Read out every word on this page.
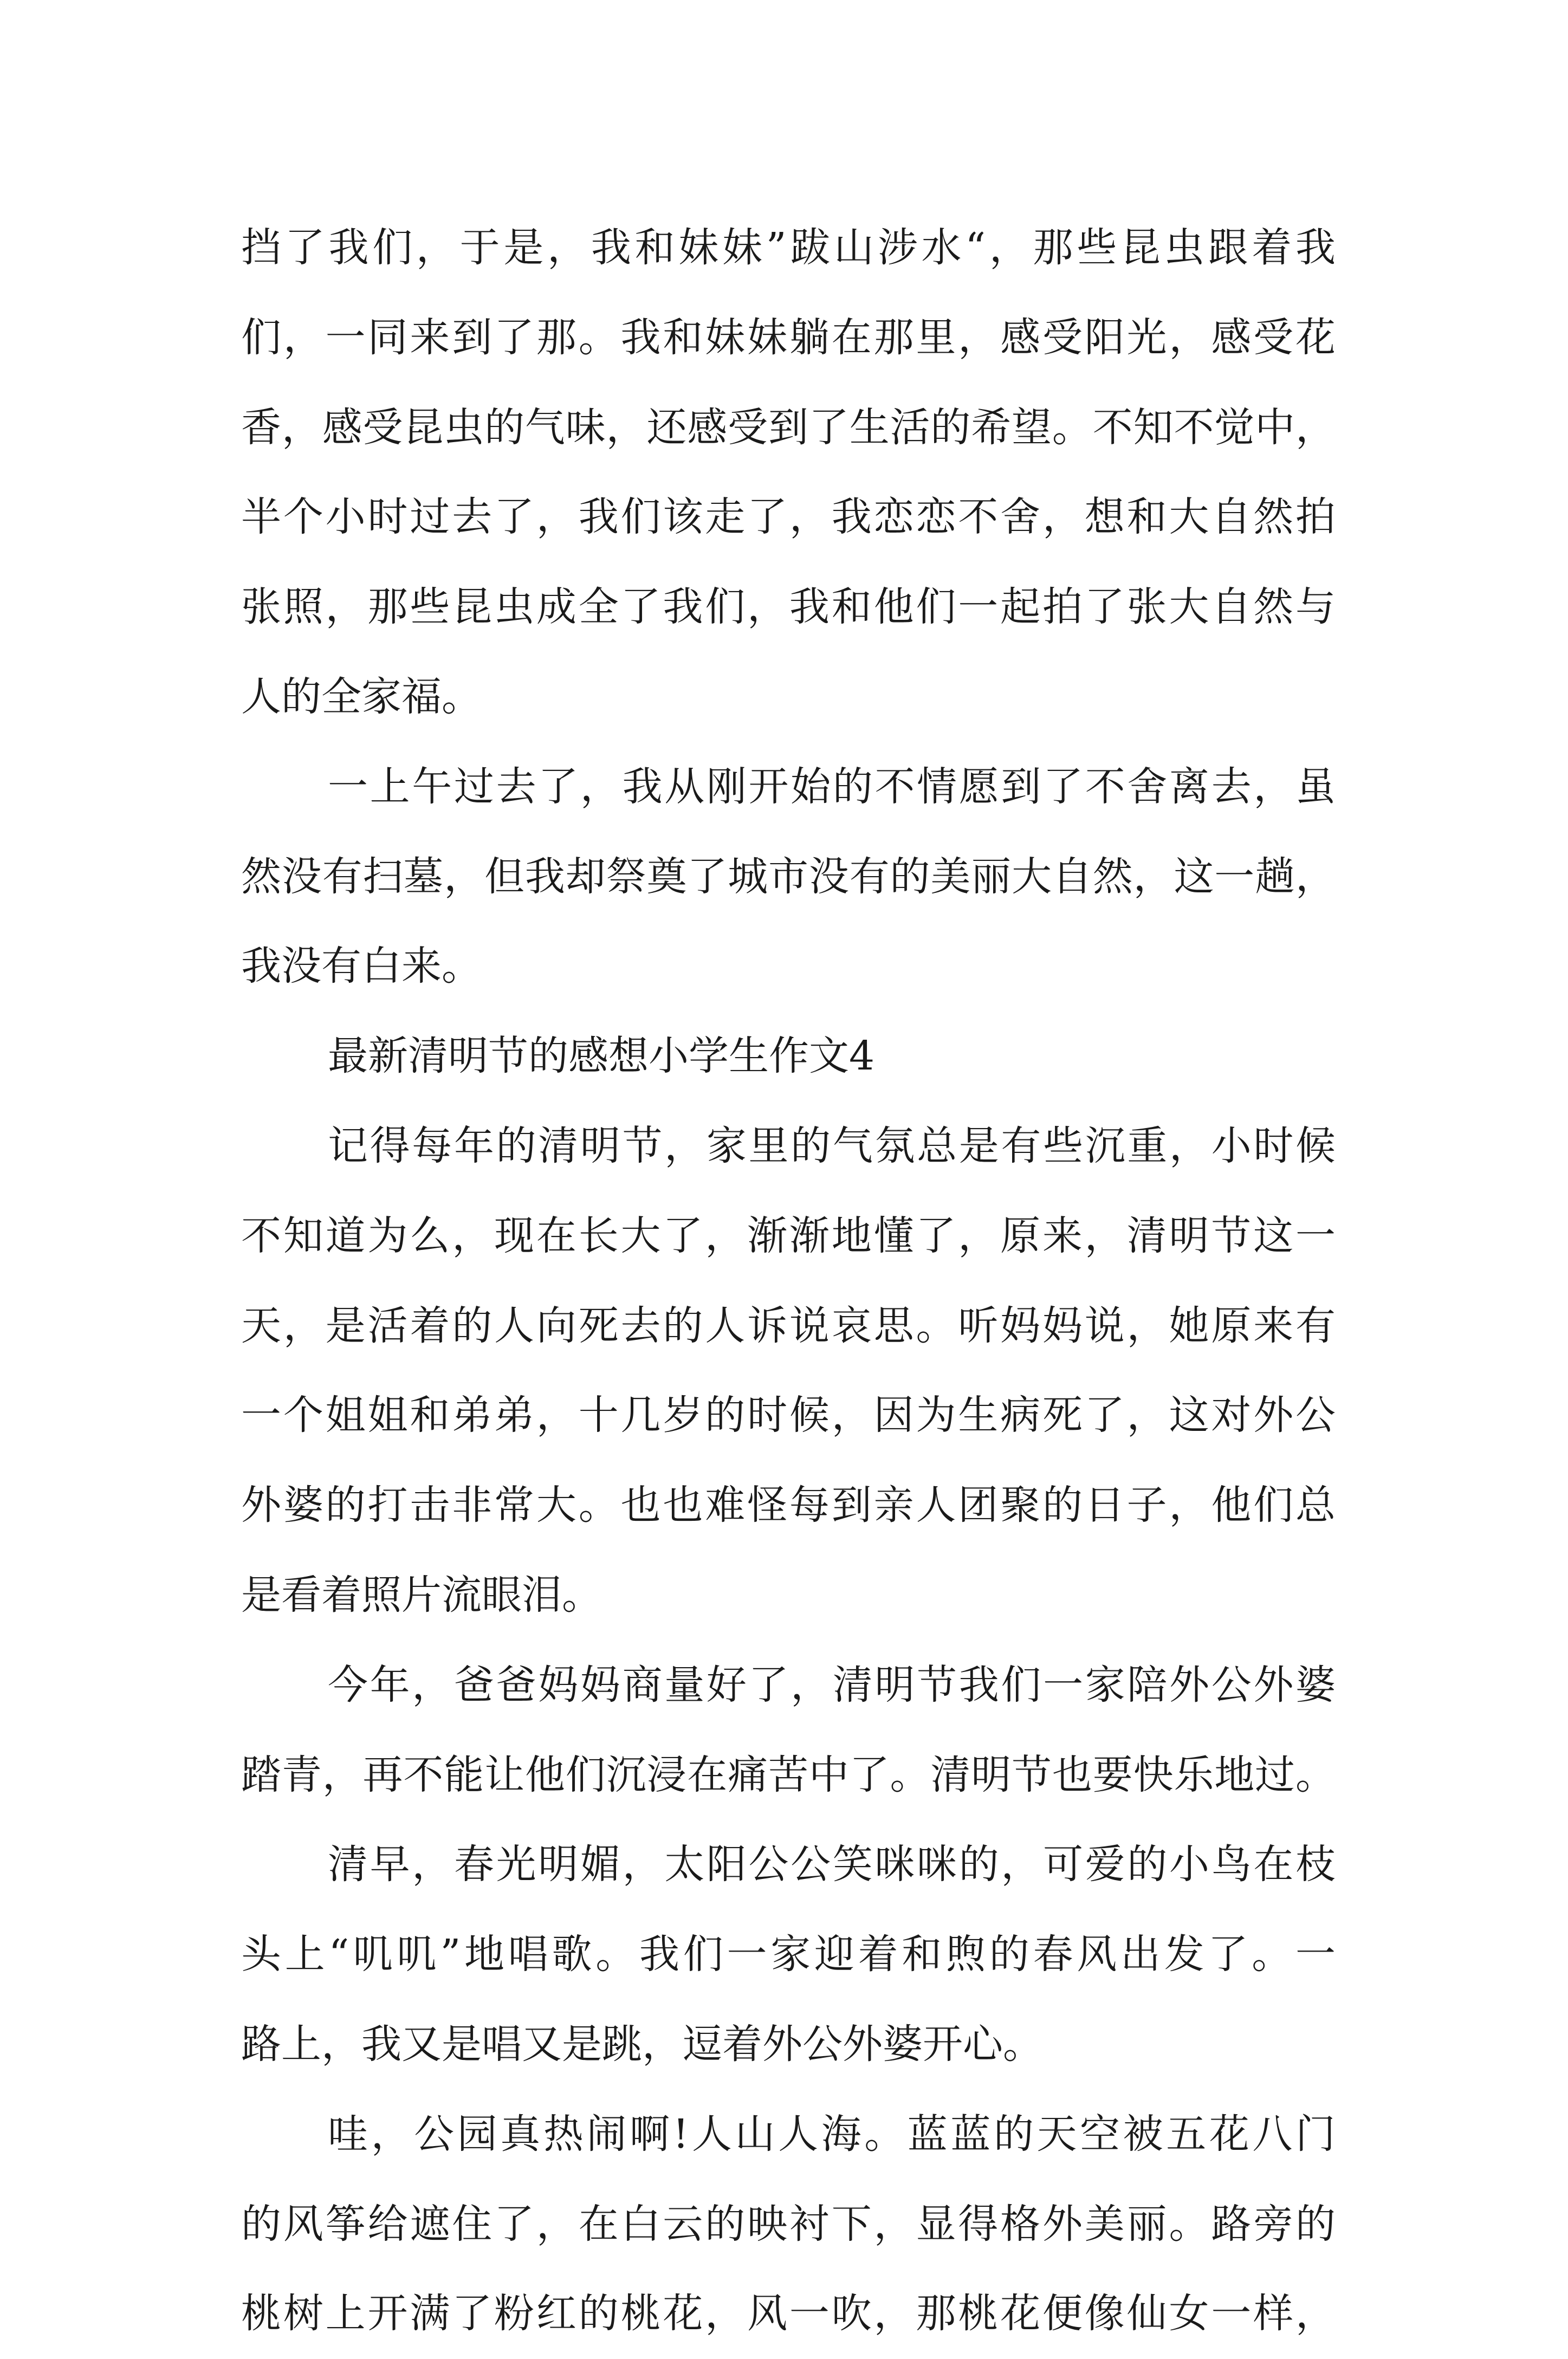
挡了我们，于是，我和妹妹”跋山涉水“，那些昆虫跟着我
们，一同来到了那。我和妹妹躺在那里，感受阳光，感受花
香，感受昆虫的气味，还感受到了生活的希望。不知不觉中，
半个小时过去了，我们该走了，我恋恋不舍，想和大自然拍
张照，那些昆虫成全了我们，我和他们一起拍了张大自然与
人的全家福。
一上午过去了，我从刚开始的不情愿到了不舍离去，虽
然没有扫墓，但我却祭奠了城市没有的美丽大自然，这一趟，
我没有白来。
最新清明节的感想小学生作文4
记得每年的清明节，家里的气氛总是有些沉重，小时候
不知道为么，现在长大了，渐渐地懂了，原来，清明节这一
天，是活着的人向死去的人诉说哀思。听妈妈说，她原来有
一个姐姐和弟弟，十几岁的时候，因为生病死了，这对外公
外婆的打击非常大。也也难怪每到亲人团聚的日子，他们总
是看着照片流眼泪。
今年，爸爸妈妈商量好了，清明节我们一家陪外公外婆
踏青，再不能让他们沉浸在痛苦中了。清明节也要快乐地过。
清早，春光明媚，太阳公公笑咪咪的，可爱的小鸟在枝
头上“叽叽”地唱歌。我们一家迎着和煦的春风出发了。一
路上，我又是唱又是跳，逗着外公外婆开心。
哇，公园真热闹啊!人山人海。蓝蓝的天空被五花八门
的风筝给遮住了，在白云的映衬下，显得格外美丽。路旁的
桃树上开满了粉红的桃花，风一吹，那桃花便像仙女一样，
